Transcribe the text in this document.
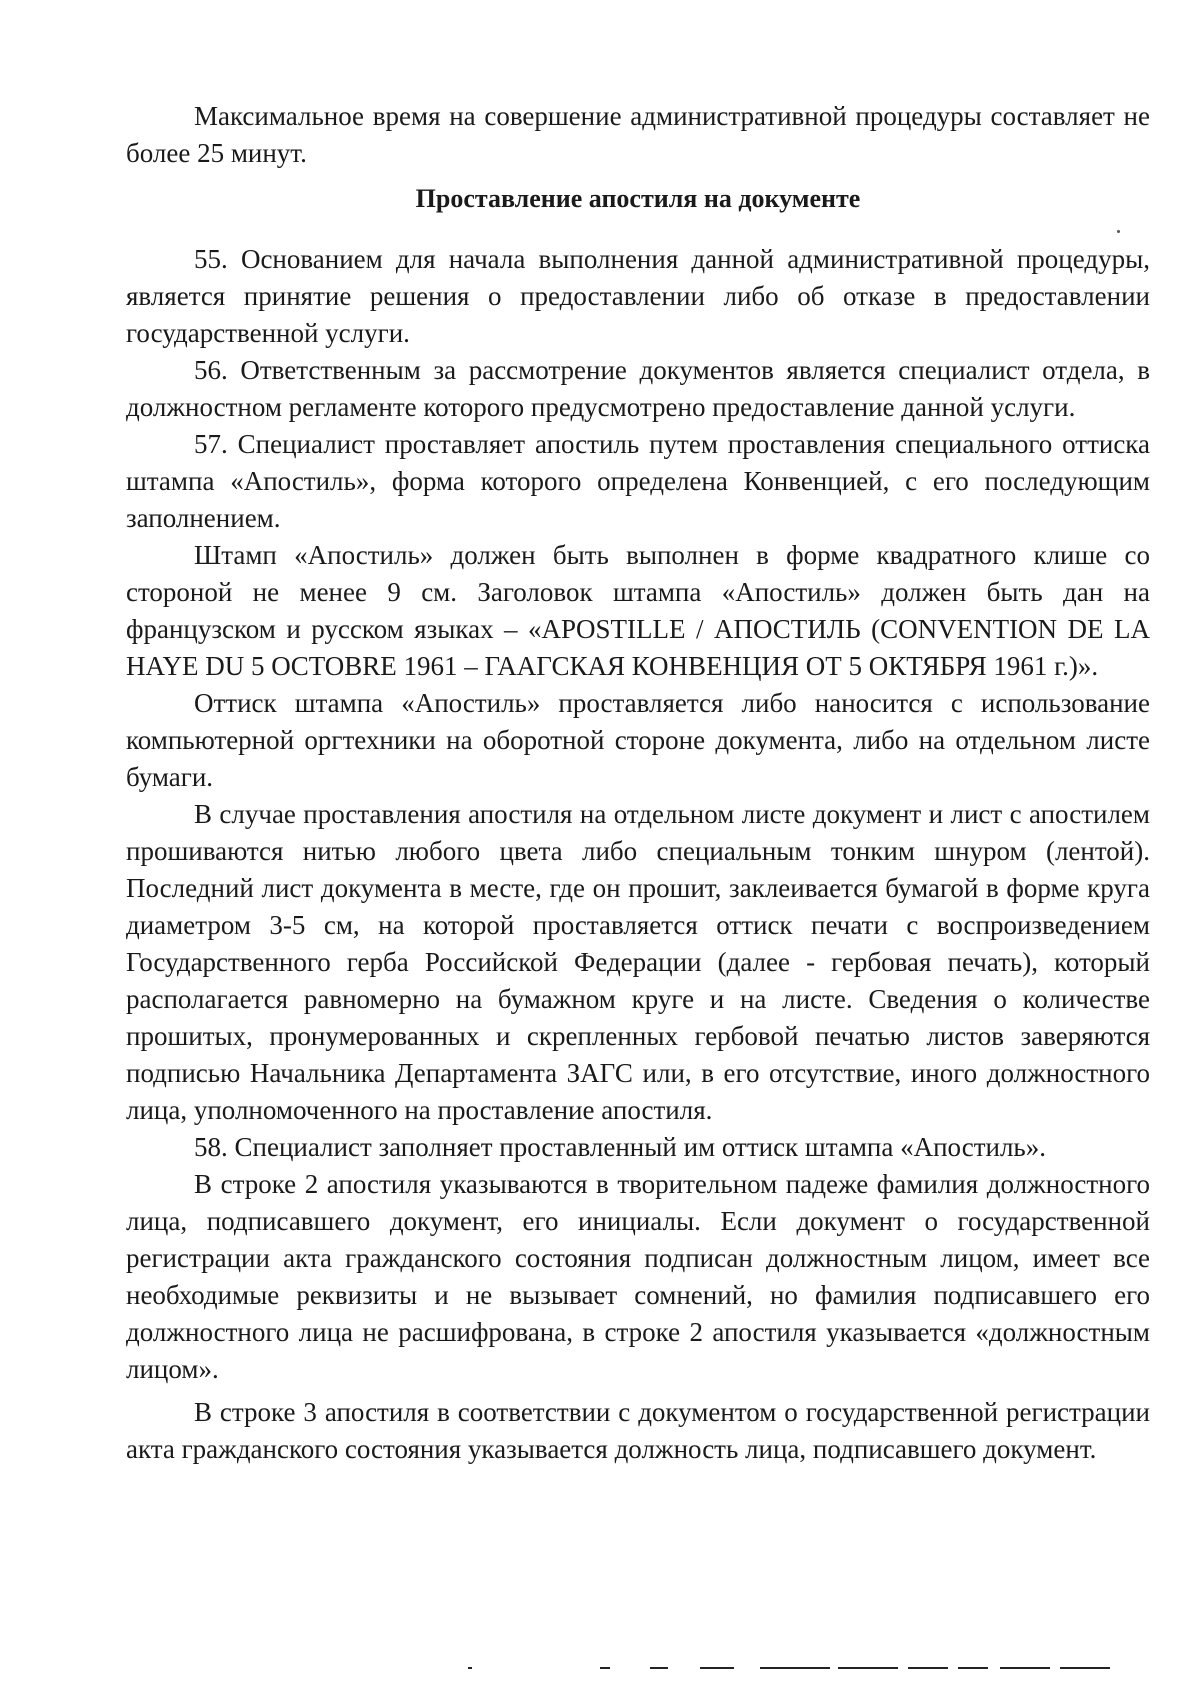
Максимальное время на совершение административной процедуры составляет не более 25 минут.

Проставление апостиля на документе

55. Основанием для начала выполнения данной административной процедуры, является принятие решения о предоставлении либо об отказе в предоставлении государственной услуги.

56. Ответственным за рассмотрение документов является специалист отдела, в должностном регламенте которого предусмотрено предоставление данной услуги.

57. Специалист проставляет апостиль путем проставления специального оттиска штампа «Апостиль», форма которого определена Конвенцией, с его последующим заполнением.

Штамп «Апостиль» должен быть выполнен в форме квадратного клише со стороной не менее 9 см. Заголовок штампа «Апостиль» должен быть дан на французском и русском языках – «APOSTILLE / АПОСТИЛЬ (CONVENTION DE LA HAYE DU 5 OCTOBRE 1961 – ГААГСКАЯ КОНВЕНЦИЯ ОТ 5 ОКТЯБРЯ 1961 г.)».

Оттиск штампа «Апостиль» проставляется либо наносится с использование компьютерной оргтехники на оборотной стороне документа, либо на отдельном листе бумаги.

В случае проставления апостиля на отдельном листе документ и лист с апостилем прошиваются нитью любого цвета либо специальным тонким шнуром (лентой). Последний лист документа в месте, где он прошит, заклеивается бумагой в форме круга диаметром 3-5 см, на которой проставляется оттиск печати с воспроизведением Государственного герба Российской Федерации (далее - гербовая печать), который располагается равномерно на бумажном круге и на листе. Сведения о количестве прошитых, пронумерованных и скрепленных гербовой печатью листов заверяются подписью Начальника Департамента ЗАГС или, в его отсутствие, иного должностного лица, уполномоченного на проставление апостиля.

58. Специалист заполняет проставленный им оттиск штампа «Апостиль».

В строке 2 апостиля указываются в творительном падеже фамилия должностного лица, подписавшего документ, его инициалы. Если документ о государственной регистрации акта гражданского состояния подписан должностным лицом, имеет все необходимые реквизиты и не вызывает сомнений, но фамилия подписавшего его должностного лица не расшифрована, в строке 2 апостиля указывается «должностным лицом».

В строке 3 апостиля в соответствии с документом о государственной регистрации акта гражданского состояния указывается должность лица, подписавшего документ.
